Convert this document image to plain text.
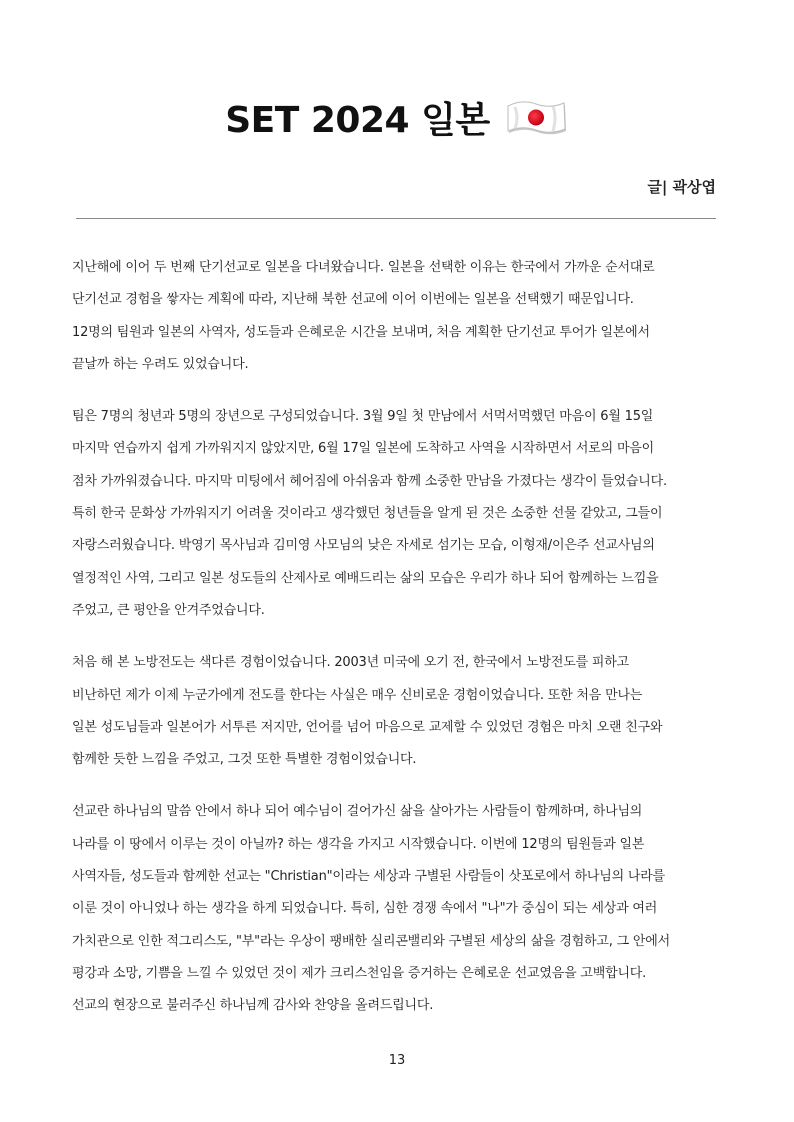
SET 2024 일본
글| 곽상엽
지난해에 이어 두 번째 단기선교로 일본을 다녀왔습니다. 일본을 선택한 이유는 한국에서 가까운 순서대로
단기선교 경험을 쌓자는 계획에 따라, 지난해 북한 선교에 이어 이번에는 일본을 선택했기 때문입니다.
12명의 팀원과 일본의 사역자, 성도들과 은혜로운 시간을 보내며, 처음 계획한 단기선교 투어가 일본에서
끝날까 하는 우려도 있었습니다.
팀은 7명의 청년과 5명의 장년으로 구성되었습니다. 3월 9일 첫 만남에서 서먹서먹했던 마음이 6월 15일
마지막 연습까지 쉽게 가까워지지 않았지만, 6월 17일 일본에 도착하고 사역을 시작하면서 서로의 마음이
점차 가까워졌습니다. 마지막 미팅에서 헤어짐에 아쉬움과 함께 소중한 만남을 가졌다는 생각이 들었습니다.
특히 한국 문화상 가까워지기 어려울 것이라고 생각했던 청년들을 알게 된 것은 소중한 선물 같았고, 그들이
자랑스러웠습니다. 박영기 목사님과 김미영 사모님의 낮은 자세로 섬기는 모습, 이형재/이은주 선교사님의
열정적인 사역, 그리고 일본 성도들의 산제사로 예배드리는 삶의 모습은 우리가 하나 되어 함께하는 느낌을
주었고, 큰 평안을 안겨주었습니다.
처음 해 본 노방전도는 색다른 경험이었습니다. 2003년 미국에 오기 전, 한국에서 노방전도를 피하고
비난하던 제가 이제 누군가에게 전도를 한다는 사실은 매우 신비로운 경험이었습니다. 또한 처음 만나는
일본 성도님들과 일본어가 서투른 저지만, 언어를 넘어 마음으로 교제할 수 있었던 경험은 마치 오랜 친구와
함께한 듯한 느낌을 주었고, 그것 또한 특별한 경험이었습니다.
선교란 하나님의 말씀 안에서 하나 되어 예수님이 걸어가신 삶을 살아가는 사람들이 함께하며, 하나님의
나라를 이 땅에서 이루는 것이 아닐까? 하는 생각을 가지고 시작했습니다. 이번에 12명의 팀원들과 일본
사역자들, 성도들과 함께한 선교는 "Christian"이라는 세상과 구별된 사람들이 삿포로에서 하나님의 나라를
이룬 것이 아니었나 하는 생각을 하게 되었습니다. 특히, 심한 경쟁 속에서 "나"가 중심이 되는 세상과 여러
가치관으로 인한 적그리스도, "부"라는 우상이 팽배한 실리콘밸리와 구별된 세상의 삶을 경험하고, 그 안에서
평강과 소망, 기쁨을 느낄 수 있었던 것이 제가 크리스천임을 증거하는 은혜로운 선교였음을 고백합니다.
선교의 현장으로 불러주신 하나님께 감사와 찬양을 올려드립니다.
13
